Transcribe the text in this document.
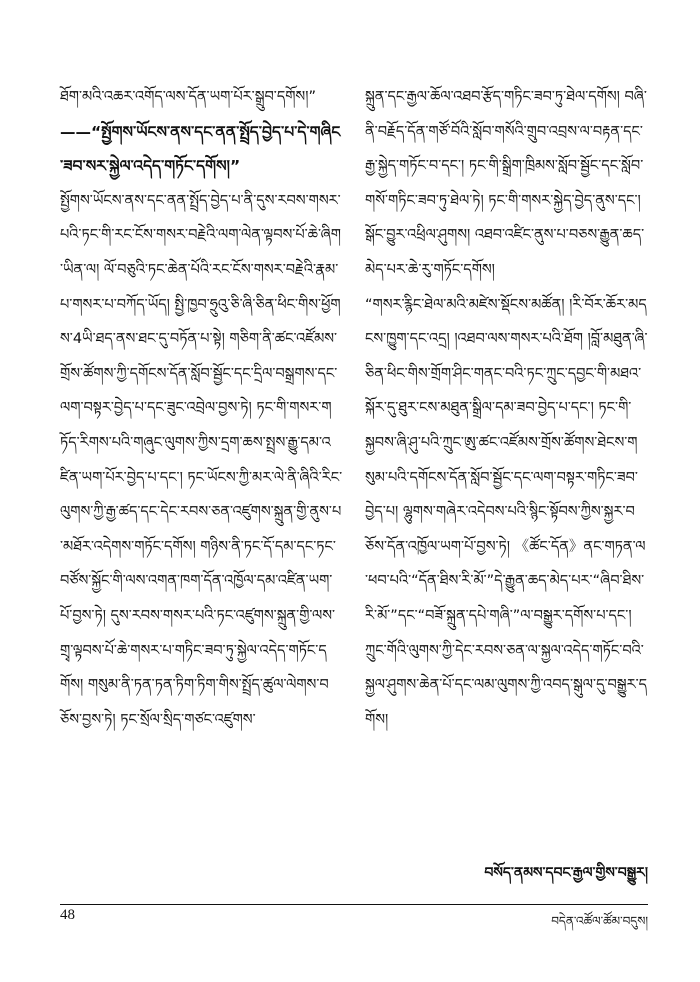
ཐོག་མའི་འཆར་འགོད་ལས་དོན་ཡག་པོར་སྒྲུབ་དགོས།”

——“སྤྱོགས་ཡོངས་ནས་དང་ནན་སྤྲོད་བྱེད་པ་དེ་གཞིང་ཟབ་སར་སྐྱེལ་འདེད་གཏོང་དགོས།”

སྤྱོགས་ཡོངས་ནས་དང་ནན་སྤྲོད་བྱེད་པ་ནི་དུས་རབས་གསར་པའི་ཏང་གི་རང་ངོས་གསར་བརྗེའི་ལག་ལེན་ལྟབས་པོ་ཆེ་ཞིག་ཡིན་ལ། ལོ་བཅུའི་ཏང་ཆེན་པོའི་རང་ངོས་གསར་བརྗེའི་རྣམ་པ་གསར་པ་བཀོད་ཡོད། སྤྱི་ཁྱབ་ཧྲུའུ་ཅི་ཞི་ཅིན་ཕིང་གིས་ཕྱོགས་4ཡི་ཐད་ནས་ཐང་དུ་བཏོན་པ་སྟེ། གཅིག་ནི་ཚང་འཛོམས་གྲོས་ཚོགས་ཀྱི་དགོངས་དོན་སློབ་སྦྱོང་དང་དྲིལ་བསྒྲགས་དང་ལག་བསྟར་བྱེད་པ་དང་ཟུང་འབྲེལ་བྱས་ཏེ། ཏང་གི་གསར་གཏོད་རིགས་པའི་གཞུང་ལུགས་ཀྱིས་དྲག་ཆས་སྤྲས་རྒྱུ་དམ་འཛིན་ཡག་པོར་བྱེད་པ་དང་། ཏང་ཡོངས་ཀྱི་མར་ལེ་ནི་ཞིའི་རིང་ལུགས་ཀྱི་རྒྱ་ཚད་དང་དེང་རབས་ཅན་འཛུགས་སྐྲུན་གྱི་ནུས་པ་མཐོར་འདེགས་གཏོང་དགོས། གཉིས་ནི་ཏང་དོ་དམ་དང་ཏང་བཙོས་སྐྱོང་གི་ལས་འགན་ཁག་དོན་འཁྱོལ་དམ་འཛིན་ཡག་པོ་བྱས་ཏེ། དུས་རབས་གསར་པའི་ཏང་འཛུགས་སྐྲུན་གྱི་ལས་གྲྭ་ལྟབས་པོ་ཆེ་གསར་པ་གཏིང་ཟབ་ཏུ་སྐྱེལ་འདེད་གཏོང་དགོས། གསུམ་ནི་ཏན་ཏན་ཏིག་ཏིག་གིས་སྤྲོད་ཚུལ་ལེགས་བཅོས་བྱས་ཏེ། ཏང་སྲོལ་སྲིད་གཙང་འཛུགས་

སྐྲུན་དང་རྒྱལ་ཆོལ་འཐབ་རྩོད་གཏིང་ཟབ་ཏུ་ཐེལ་དགོས། བཞི་ནི་བརྗོད་དོན་གཙོ་བོའི་སློབ་གསོའི་གྲུབ་འབྲས་ལ་བརྟན་དང་རྒྱ་སྐྱེད་གཏོང་བ་དང་། ཏང་གི་སྒྲིག་ཁྲིམས་སློབ་སྦྱོང་དང་སློབ་གསོ་གཏིང་ཟབ་ཏུ་ཐེལ་ཏེ། ཏང་གི་གསར་སྐྱེད་བྱེད་ནུས་དང་། སྒོང་བྱུར་འཕྲིལ་ཤུགས། འཐབ་འཛིང་ནུས་པ་བཅས་རྒྱུན་ཆད་མེད་པར་ཆེ་རུ་གཏོང་དགོས།

“གསར་རྙིང་ཐེལ་མའི་མཛེས་སྡོངས་མཚོན། །རི་བོར་ཆོར་མདངས་ཁྱུག་དང་འདྲ། །འཐབ་ལས་གསར་པའི་ཐོག །བློ་མཐུན་ཞི་ཅིན་ཕིང་གིས་གྲོག་ཤིང་གནང་བའི་ཏང་ཀྲུང་དབྱང་གི་མཐའ་སྐོར་དུ་ཐུར་ངས་མཐུན་སྒྲིལ་དམ་ཟབ་བྱེད་པ་དང་། ཏང་གི་སྐྱབས་ཞི་ཤུ་པའི་ཀྲུང་ཨུ་ཚང་འཛོམས་གྲོས་ཚོགས་ཐེངས་གསུམ་པའི་དགོངས་དོན་སློབ་སྦྱོང་དང་ལག་བསྟར་གཏིང་ཟབ་བྱེད་པ། ལྷུགས་གཞེར་འདེབས་པའི་སྙིང་སྟོབས་ཀྱིས་སྐྱར་བཅོས་དོན་འཁྱོལ་ཡག་པོ་བྱས་ཏེ། 《ཚོང་དོན》ནང་གཏན་ལ་ཕབ་པའི་“དོན་ཐིས་རི་མོ་”དེ་རྒྱུན་ཆད་མེད་པར་“ཞིབ་ཐིས་རི་མོ་”དང་“བཟོ་སྐྲུན་དཔེ་གཞི་”ལ་བསྒྱུར་དགོས་པ་དང་། ཀྲུང་གོའི་ལུགས་ཀྱི་དེང་རབས་ཅན་ལ་སྐྱལ་འདེད་གཏོང་བའི་སྐྱལ་ཤུགས་ཆེན་པོ་དང་ལམ་ལུགས་ཀྱི་འབད་སྒུལ་དུ་བསྒྱུར་དགོས།

བསོད་ནམས་དབང་རྒྱལ་གྱིས་བསྒྱུར།
48	བདེན་འཚོལ་ཚོམ་བདུས།
